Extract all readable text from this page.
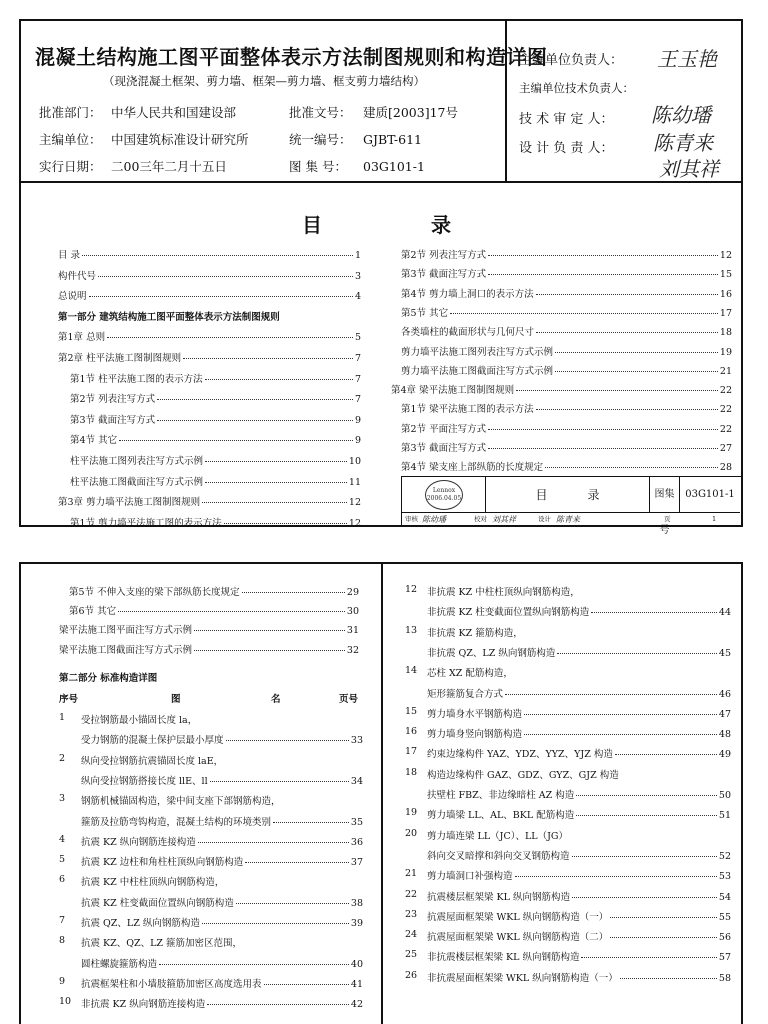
混凝土结构施工图平面整体表示方法制图规则和构造详图
（现浇混凝土框架、剪力墙、框架—剪力墙、框支剪力墙结构）
批准部门： 中华人民共和国建设部	批准文号： 建质[2003]17号
主编单位： 中国建筑标准设计研究所	统一编号： GJBT-611
实行日期： 二00三年二月十五日	图 集 号： 03G101-1
主编单位负责人： 王玉艳
主编单位技术负责人：
技 术 审 定 人： 陈幼璠
设 计 负 责 人： 陈青来
刘其祥
目	录
目 录	1
构件代号	3
总说明	4
第一部分 建筑结构施工图平面整体表示方法制图规则
第1章 总则	5
第2章 柱平法施工图制图规则	7
第1节 柱平法施工图的表示方法	7
第2节 列表注写方式	7
第3节 截面注写方式	9
第4节 其它	9
柱平法施工图列表注写方式示例	10
柱平法施工图截面注写方式示例	11
第3章 剪力墙平法施工图制图规则	12
第1节 剪力墙平法施工图的表示方法	12
第2节 列表注写方式	12
第3节 截面注写方式	15
第4节 剪力墙上洞口的表示方法	16
第5节 其它	17
各类墙柱的截面形状与几何尺寸	18
剪力墙平法施工图列表注写方式示例	19
剪力墙平法施工图截面注写方式示例	21
第4章 梁平法施工图制图规则	22
第1节 梁平法施工图的表示方法	22
第2节 平面注写方式	22
第3节 截面注写方式	27
第4节 梁支座上部纵筋的长度规定	28
Lennox 2006.04.05	目	录	图集号
03G101-1
审核 陈幼璠	校对 刘其祥	设计 陈青来	页	1
第5节 不伸入支座的梁下部纵筋长度规定	29
第6节 其它	30
梁平法施工图平面注写方式示例	31
梁平法施工图截面注写方式示例	32
第二部分 标准构造详图
序号	图	名	页号
1 受拉钢筋最小锚固长度 la，
受力钢筋的混凝土保护层最小厚度	33
2 纵向受拉钢筋抗震锚固长度 laE，
纵向受拉钢筋搭接长度 llE、ll	34
3 钢筋机械锚固构造，梁中间支座下部钢筋构造，
箍筋及拉筋弯钩构造，混凝土结构的环境类别	35
4 抗震 KZ 纵向钢筋连接构造	36
5 抗震 KZ 边柱和角柱柱顶纵向钢筋构造	37
6 抗震 KZ 中柱柱顶纵向钢筋构造，
抗震 KZ 柱变截面位置纵向钢筋构造	38
7 抗震 QZ、LZ 纵向钢筋构造	39
8 抗震 KZ、QZ、LZ 箍筋加密区范围，
圆柱螺旋箍筋构造	40
9 抗震框架柱和小墙肢箍筋加密区高度选用表	41
10 非抗震 KZ 纵向钢筋连接构造	42
12 非抗震 KZ 中柱柱顶纵向钢筋构造，
非抗震 KZ 柱变截面位置纵向钢筋构造	44
13 非抗震 KZ 箍筋构造，
非抗震 QZ、LZ 纵向钢筋构造	45
14 芯柱 XZ 配筋构造，
矩形箍筋复合方式	46
15 剪力墙身水平钢筋构造	47
16 剪力墙身竖向钢筋构造	48
17 约束边缘构件 YAZ、YDZ、YYZ、YJZ 构造	49
18 构造边缘构件 GAZ、GDZ、GYZ、GJZ 构造
扶壁柱 FBZ、非边缘暗柱 AZ 构造	50
19 剪力墙梁 LL、AL、BKL 配筋构造	51
20 剪力墙连梁 LL（JC）、LL（JG）
斜向交叉暗撑和斜向交叉钢筋构造	52
21 剪力墙洞口补强构造	53
22 抗震楼层框架梁 KL 纵向钢筋构造	54
23 抗震屋面框架梁 WKL 纵向钢筋构造（一）	55
24 抗震屋面框架梁 WKL 纵向钢筋构造（二）	56
25 非抗震楼层框架梁 KL 纵向钢筋构造	57
26 非抗震屋面框架梁 WKL 纵向钢筋构造（一）	58
